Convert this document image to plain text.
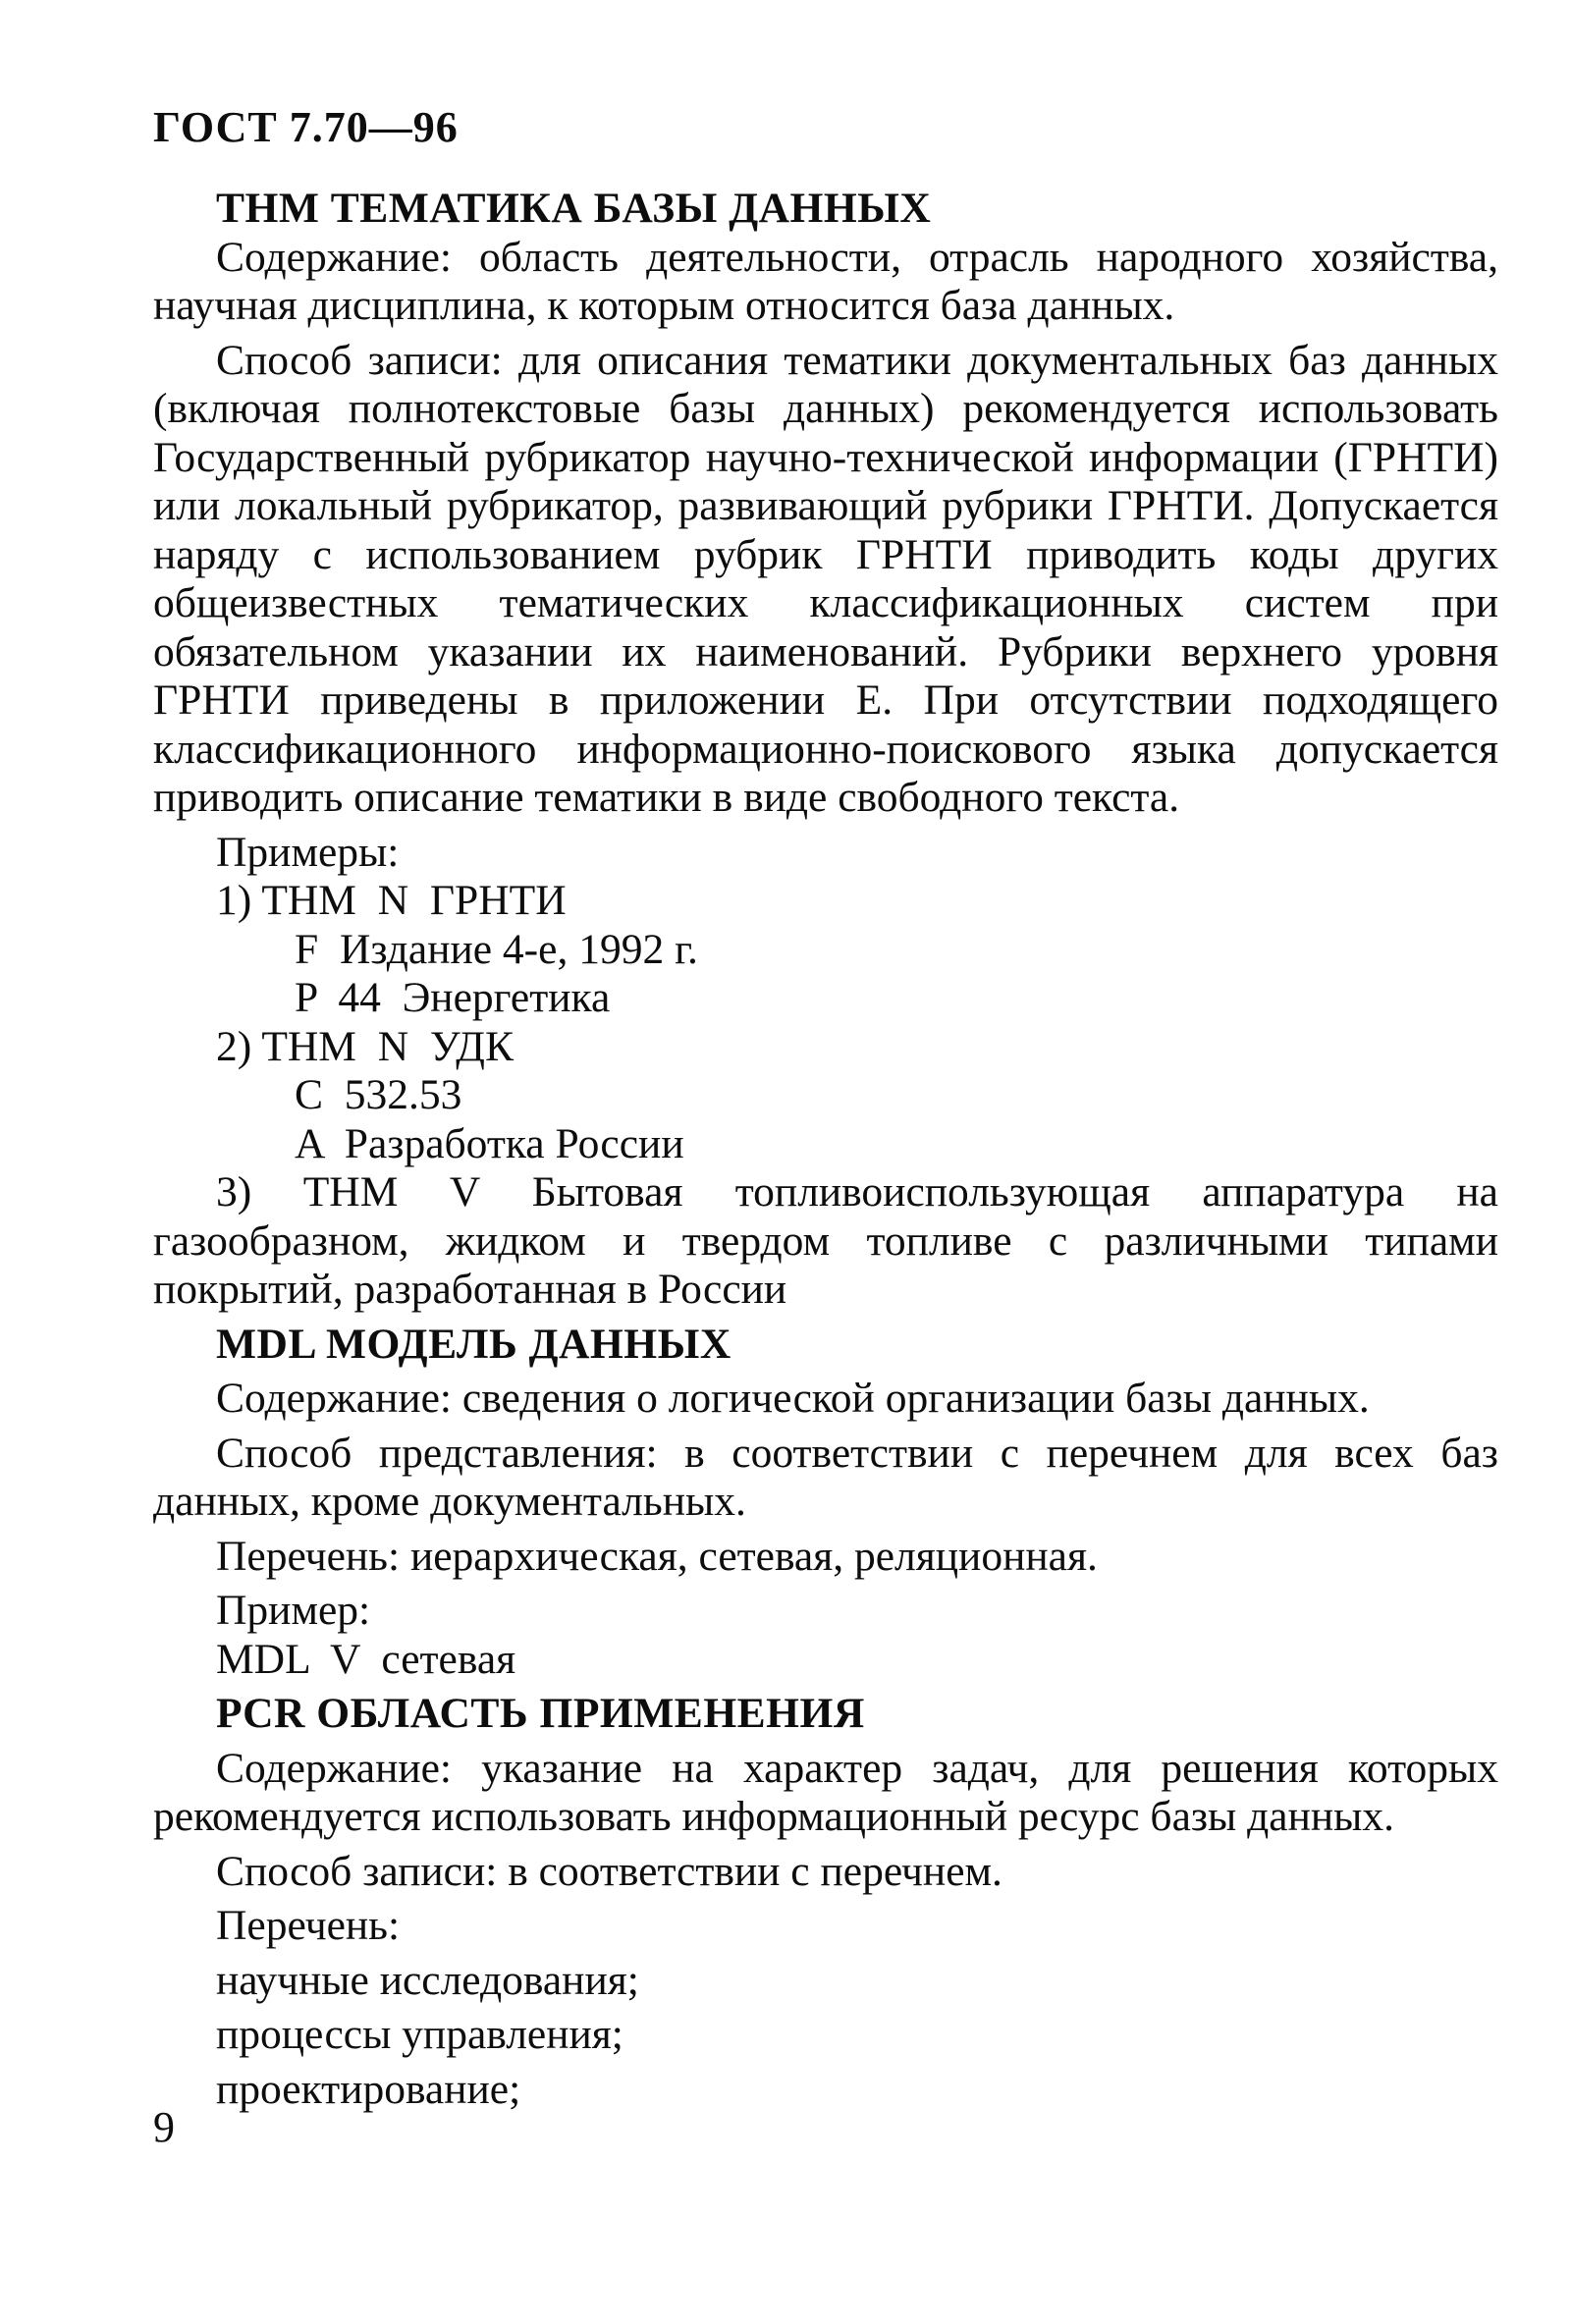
ГОСТ 7.70—96

THM ТЕМАТИКА БАЗЫ ДАННЫХ

Содержание: область деятельности, отрасль народного хозяйства, научная дисциплина, к которым относится база данных.

Способ записи: для описания тематики документальных баз данных (включая полнотекстовые базы данных) рекомендуется использовать Государственный рубрикатор научно-технической информации (ГРНТИ) или локальный рубрикатор, развивающий рубрики ГРНТИ. Допускается наряду с использованием рубрик ГРНТИ приводить коды других общеизвестных тематических классификационных систем при обязательном указании их наименований. Рубрики верхнего уровня ГРНТИ приведены в приложении Е. При отсутствии подходящего классификационного информационно-поискового языка допускается приводить описание тематики в виде свободного текста.

Примеры:

1) THM  N  ГРНТИ

F  Издание 4-е, 1992 г.

P  44  Энергетика

2) THM  N  УДК

C  532.53

A  Разработка России

3) THM V Бытовая топливоиспользующая аппаратура на газообразном, жидком и твердом топливе с различными типами покрытий, разработанная в России

MDL МОДЕЛЬ ДАННЫХ

Содержание: сведения о логической организации базы данных.

Способ представления: в соответствии с перечнем для всех баз данных, кроме документальных.

Перечень: иерархическая, сетевая, реляционная.

Пример:

MDL  V  сетевая

PCR ОБЛАСТЬ ПРИМЕНЕНИЯ

Содержание: указание на характер задач, для решения которых рекомендуется использовать информационный ресурс базы данных.

Способ записи: в соответствии с перечнем.

Перечень:

научные исследования;

процессы управления;

проектирование;

9
